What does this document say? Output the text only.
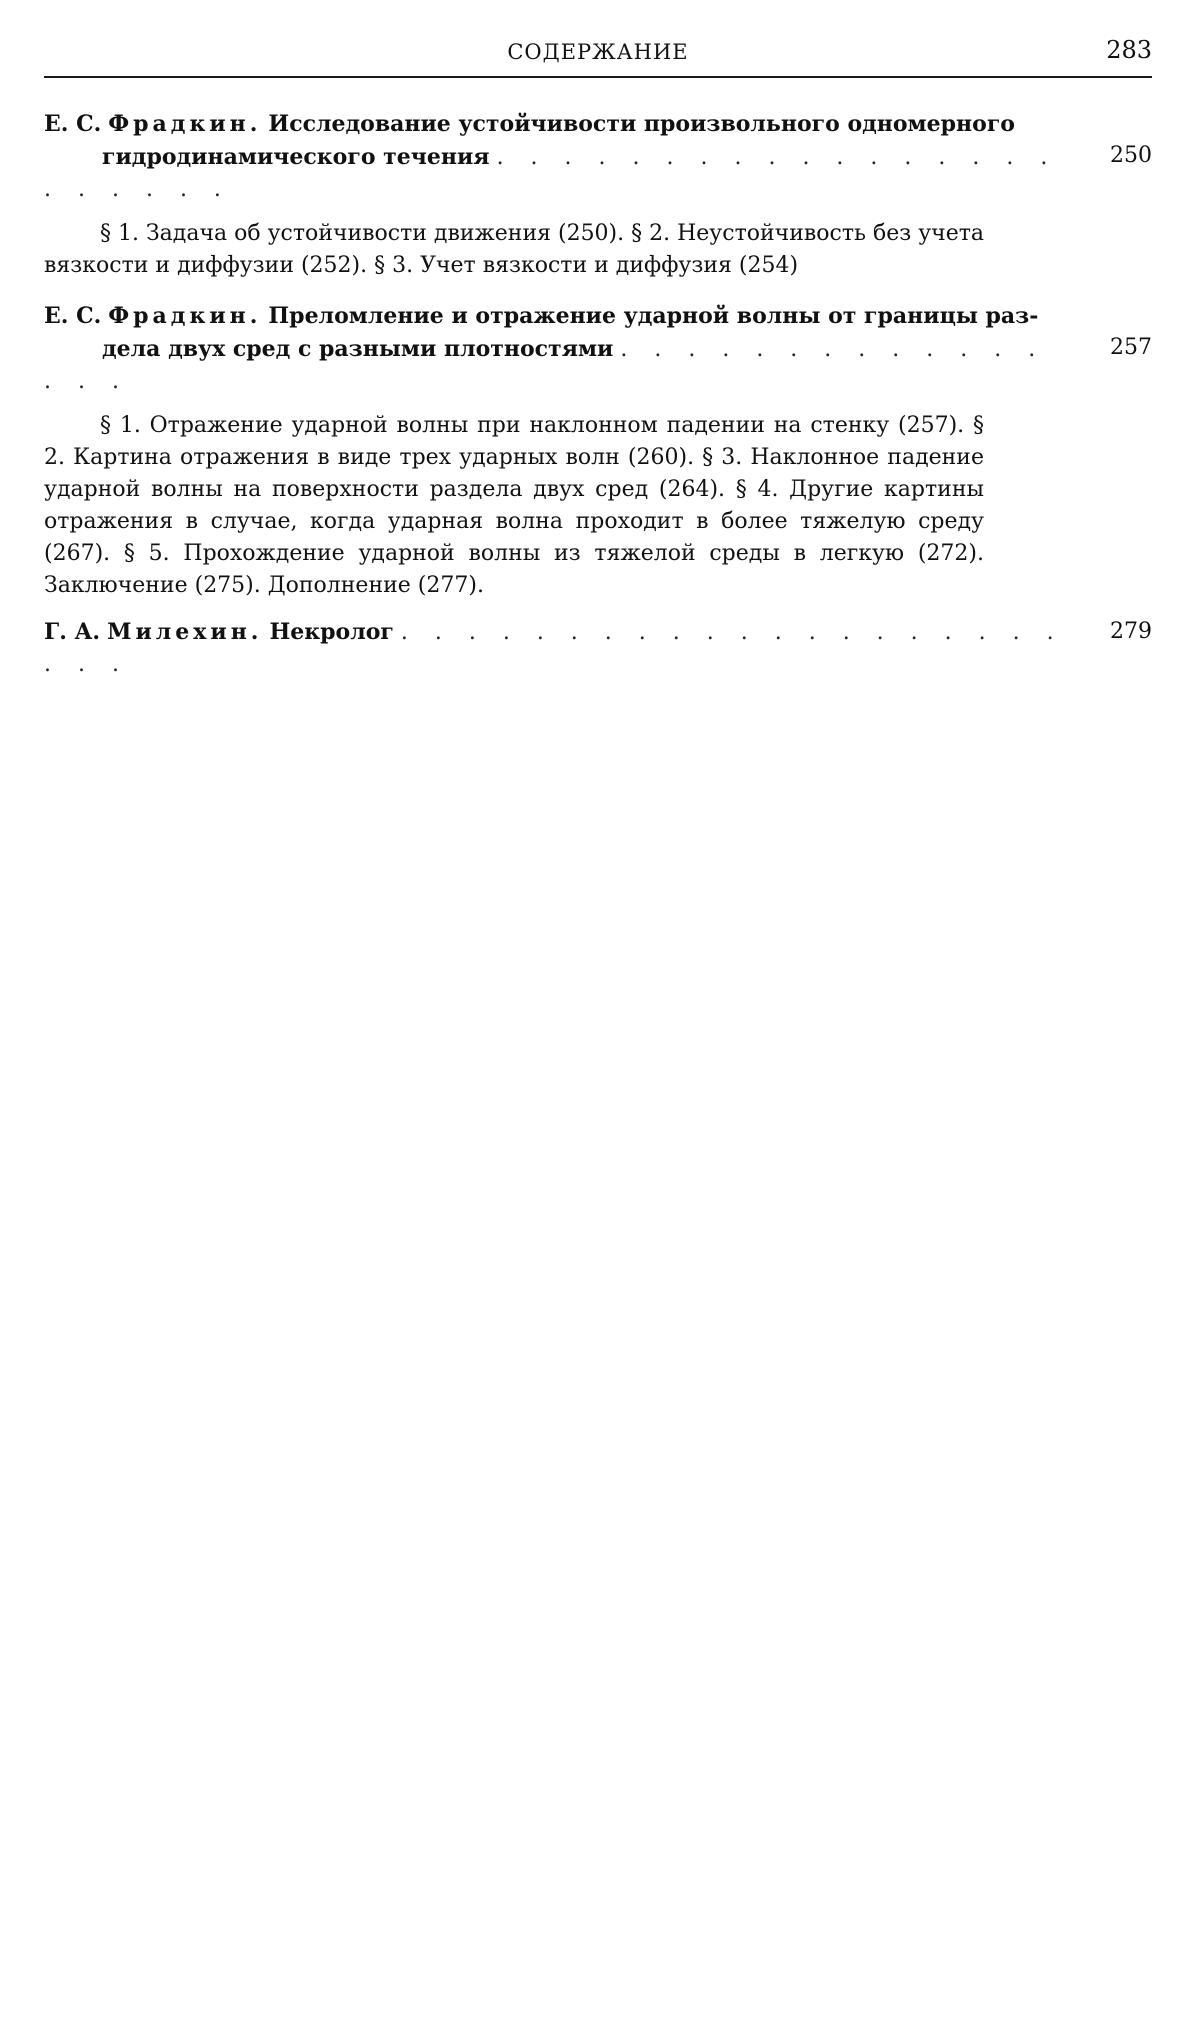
СОДЕРЖАНИЕ	283

Е. С. Фрадкин. Исследование устойчивости произвольного одномерного
гидродинамического течения . . . . . . . . . . . . . . . . . . . . . . .

250

§ 1. Задача об устойчивости движения (250). § 2. Неустойчивость без учета вязкости и диффузии (252). § 3. Учет вязкости и диффузия (254)

Е. С. Фрадкин. Преломление и отражение ударной волны от границы раз-
дела двух сред с разными плотностями . . . . . . . . . . . . . . . .

257

§ 1. Отражение ударной волны при наклонном падении на стенку (257). § 2. Картина отражения в виде трех ударных волн (260). § 3. Наклонное падение ударной волны на поверхности раздела двух сред (264). § 4. Другие картины отражения в случае, когда ударная волна проходит в более тяжелую среду (267). § 5. Прохождение ударной волны из тяжелой среды в легкую (272). Заключение (275). Дополнение (277).

Г. А. Милехин. Некролог . . . . . . . . . . . . . . . . . . . . . . .

279
